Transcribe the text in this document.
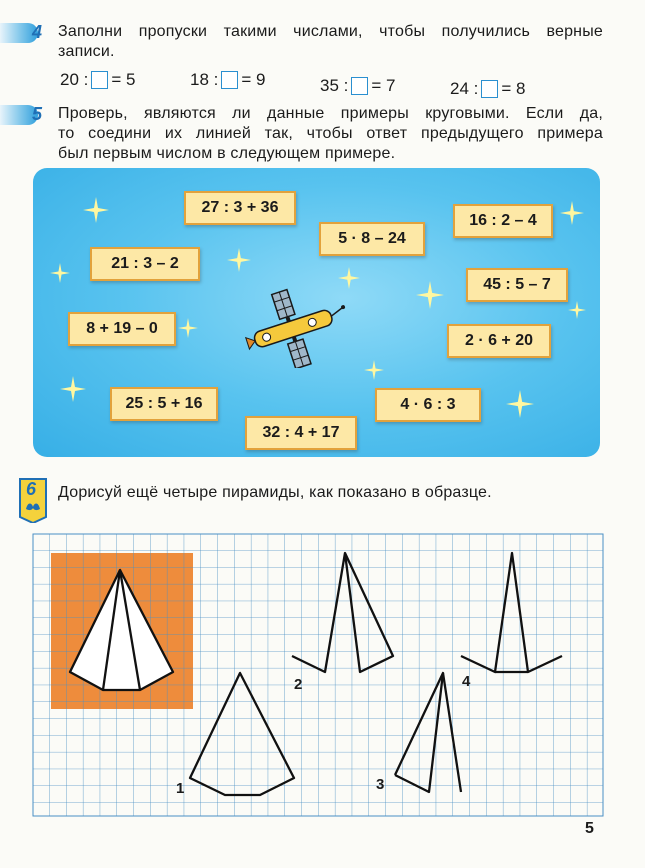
4 Заполни пропуски такими числами, чтобы получились верные
записи.
20 : = 5	18 : = 9	35 : = 7	24 : = 8
5 Проверь, являются ли данные примеры круговыми. Если да,
то соедини их линией так, чтобы ответ предыдущего примера
был первым числом в следующем примере.
27 : 3 + 36
5 · 8 – 24
16 : 2 – 4
21 : 3 – 2
45 : 5 – 7
8 + 19 – 0
2 · 6 + 20
25 : 5 + 16	4 · 6 : 3
32 : 4 + 17
6 Дорисуй ещё четыре пирамиды, как показано в образце.
1
2
3
4
5
